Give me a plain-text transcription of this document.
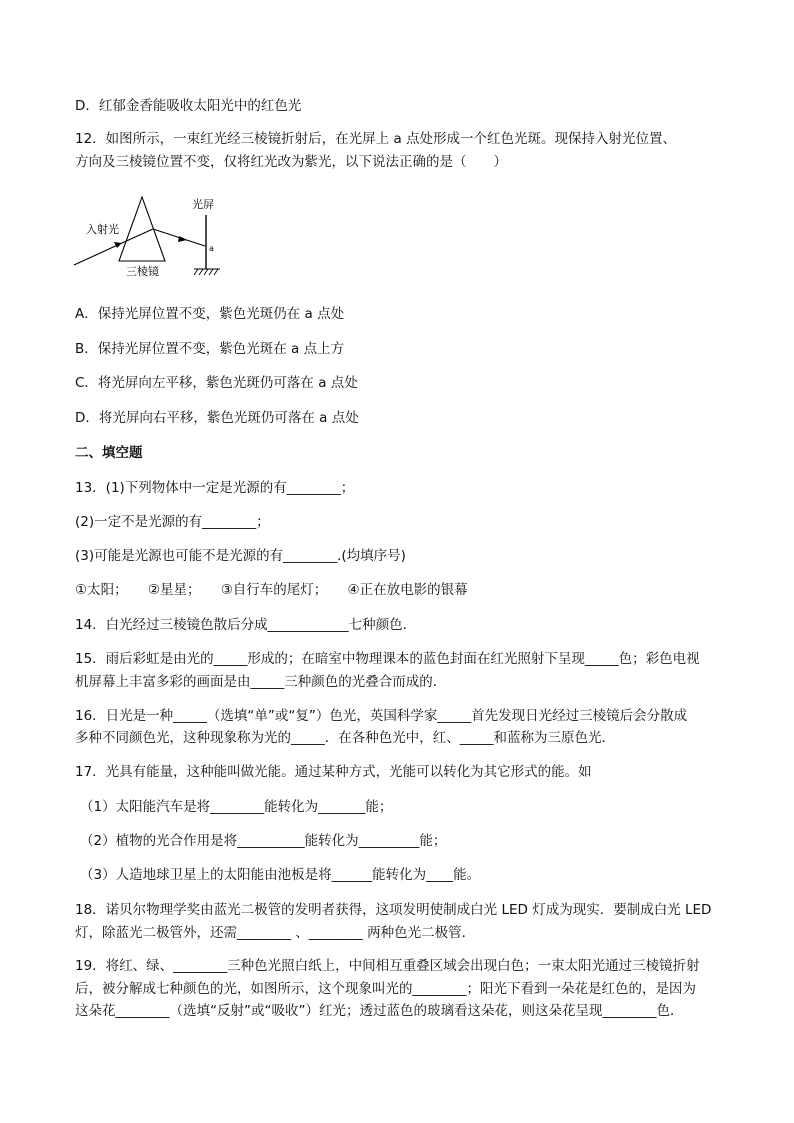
D．红郁金香能吸收太阳光中的红色光
12．如图所示，一束红光经三棱镜折射后，在光屏上 a 点处形成一个红色光斑。现保持入射光位置、
方向及三棱镜位置不变，仅将红光改为紫光，以下说法正确的是（　　）
入射光
三棱镜
光屏
a
A．保持光屏位置不变，紫色光斑仍在 a 点处
B．保持光屏位置不变，紫色光斑在 a 点上方
C．将光屏向左平移，紫色光斑仍可落在 a 点处
D．将光屏向右平移，紫色光斑仍可落在 a 点处
二、填空题
13．(1)下列物体中一定是光源的有________；
(2)一定不是光源的有________；
(3)可能是光源也可能不是光源的有________.(均填序号)
①太阳；　　②星星；　　③自行车的尾灯；　　④正在放电影的银幕
14．白光经过三棱镜色散后分成____________七种颜色．
15．雨后彩虹是由光的_____形成的；在暗室中物理课本的蓝色封面在红光照射下呈现_____色；彩色电视
机屏幕上丰富多彩的画面是由_____三种颜色的光叠合而成的．
16．日光是一种_____（选填“单”或“复”）色光，英国科学家_____首先发现日光经过三棱镜后会分散成
多种不同颜色光，这种现象称为光的_____．在各种色光中，红、_____和蓝称为三原色光．
17．光具有能量，这种能叫做光能。通过某种方式，光能可以转化为其它形式的能。如
（1）太阳能汽车是将________能转化为_______能；
（2）植物的光合作用是将__________能转化为_________能；
（3）人造地球卫星上的太阳能由池板是将______能转化为____能。
18．诺贝尔物理学奖由蓝光二极管的发明者获得，这项发明使制成白光 LED 灯成为现实．要制成白光 LED
灯，除蓝光二极管外，还需________ 、________ 两种色光二极管．
19．将红、绿、________三种色光照白纸上，中间相互重叠区域会出现白色；一束太阳光通过三棱镜折射
后，被分解成七种颜色的光，如图所示，这个现象叫光的________；阳光下看到一朵花是红色的，是因为
这朵花________（选填“反射”或“吸收”）红光；透过蓝色的玻璃看这朵花，则这朵花呈现________色．
